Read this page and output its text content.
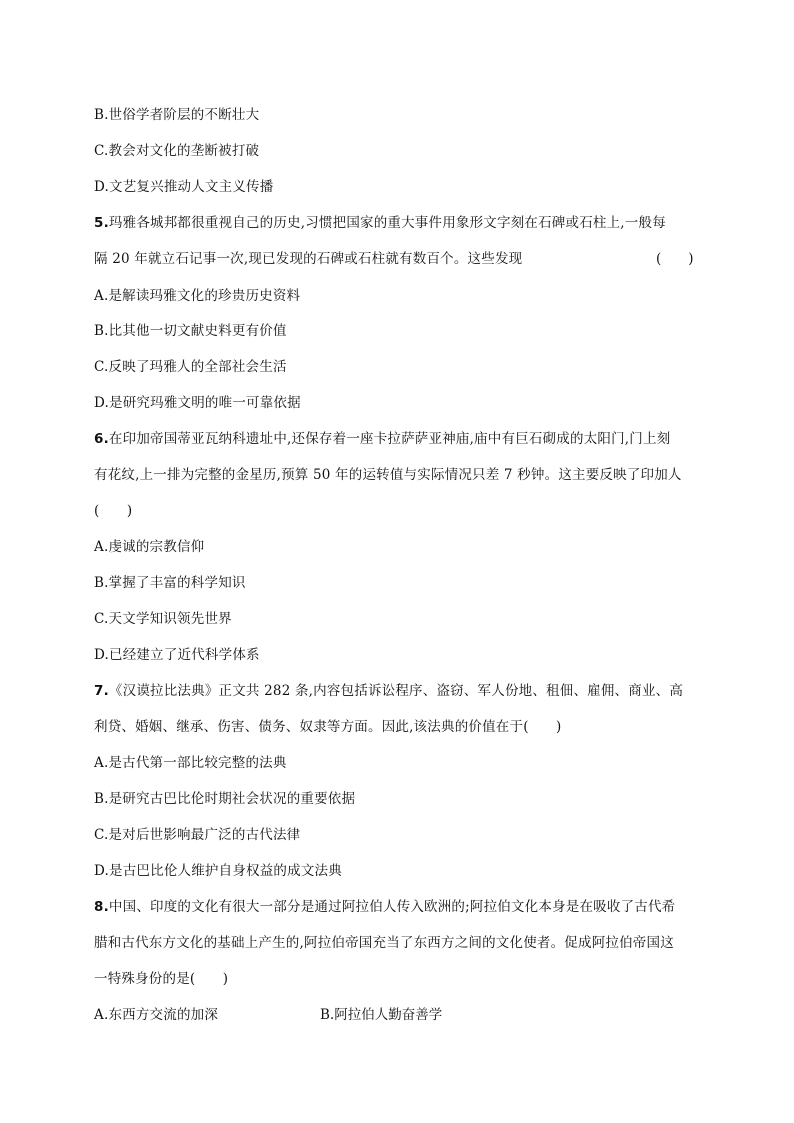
B.世俗学者阶层的不断壮大
C.教会对文化的垄断被打破
D.文艺复兴推动人文主义传播
5.玛雅各城邦都很重视自己的历史,习惯把国家的重大事件用象形文字刻在石碑或石柱上,一般每
隔 20 年就立石记事一次,现已发现的石碑或石柱就有数百个。这些发现	(　　)
A.是解读玛雅文化的珍贵历史资料
B.比其他一切文献史料更有价值
C.反映了玛雅人的全部社会生活
D.是研究玛雅文明的唯一可靠依据
6.在印加帝国蒂亚瓦纳科遗址中,还保存着一座卡拉萨萨亚神庙,庙中有巨石砌成的太阳门,门上刻
有花纹,上一排为完整的金星历,预算 50 年的运转值与实际情况只差 7 秒钟。这主要反映了印加人
(　　)
A.虔诚的宗教信仰
B.掌握了丰富的科学知识
C.天文学知识领先世界
D.已经建立了近代科学体系
7.《汉谟拉比法典》正文共 282 条,内容包括诉讼程序、盗窃、军人份地、租佃、雇佣、商业、高
利贷、婚姻、继承、伤害、债务、奴隶等方面。因此,该法典的价值在于(　　)
A.是古代第一部比较完整的法典
B.是研究古巴比伦时期社会状况的重要依据
C.是对后世影响最广泛的古代法律
D.是古巴比伦人维护自身权益的成文法典
8.中国、印度的文化有很大一部分是通过阿拉伯人传入欧洲的;阿拉伯文化本身是在吸收了古代希
腊和古代东方文化的基础上产生的,阿拉伯帝国充当了东西方之间的文化使者。促成阿拉伯帝国这
一特殊身份的是(　　)
A.东西方交流的加深	B.阿拉伯人勤奋善学
